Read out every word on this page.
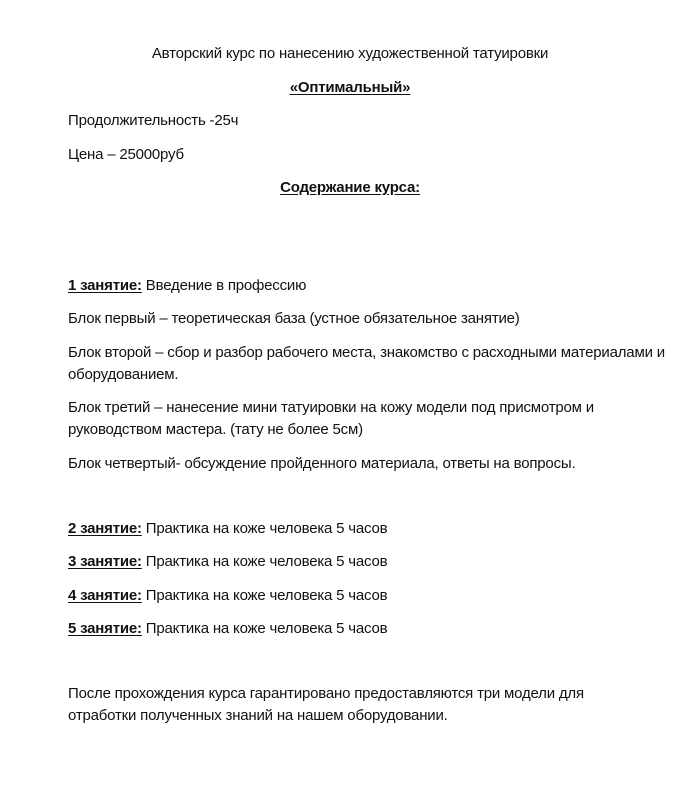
Авторский курс по нанесению художественной татуировки
«Оптимальный»
Продолжительность -25ч
Цена – 25000руб
Содержание курса:
1 занятие: Введение в профессию
Блок первый – теоретическая база (устное обязательное занятие)
Блок второй – сбор и разбор рабочего места, знакомство с расходными материалами и оборудованием.
Блок третий – нанесение мини татуировки на кожу модели под присмотром и руководством мастера. (тату не более 5см)
Блок четвертый- обсуждение пройденного материала, ответы на вопросы.
2 занятие: Практика на коже человека 5 часов
3 занятие: Практика на коже человека 5 часов
4 занятие: Практика на коже человека 5 часов
5 занятие: Практика на коже человека 5 часов
После прохождения курса гарантировано предоставляются три модели для отработки полученных знаний на нашем оборудовании.
